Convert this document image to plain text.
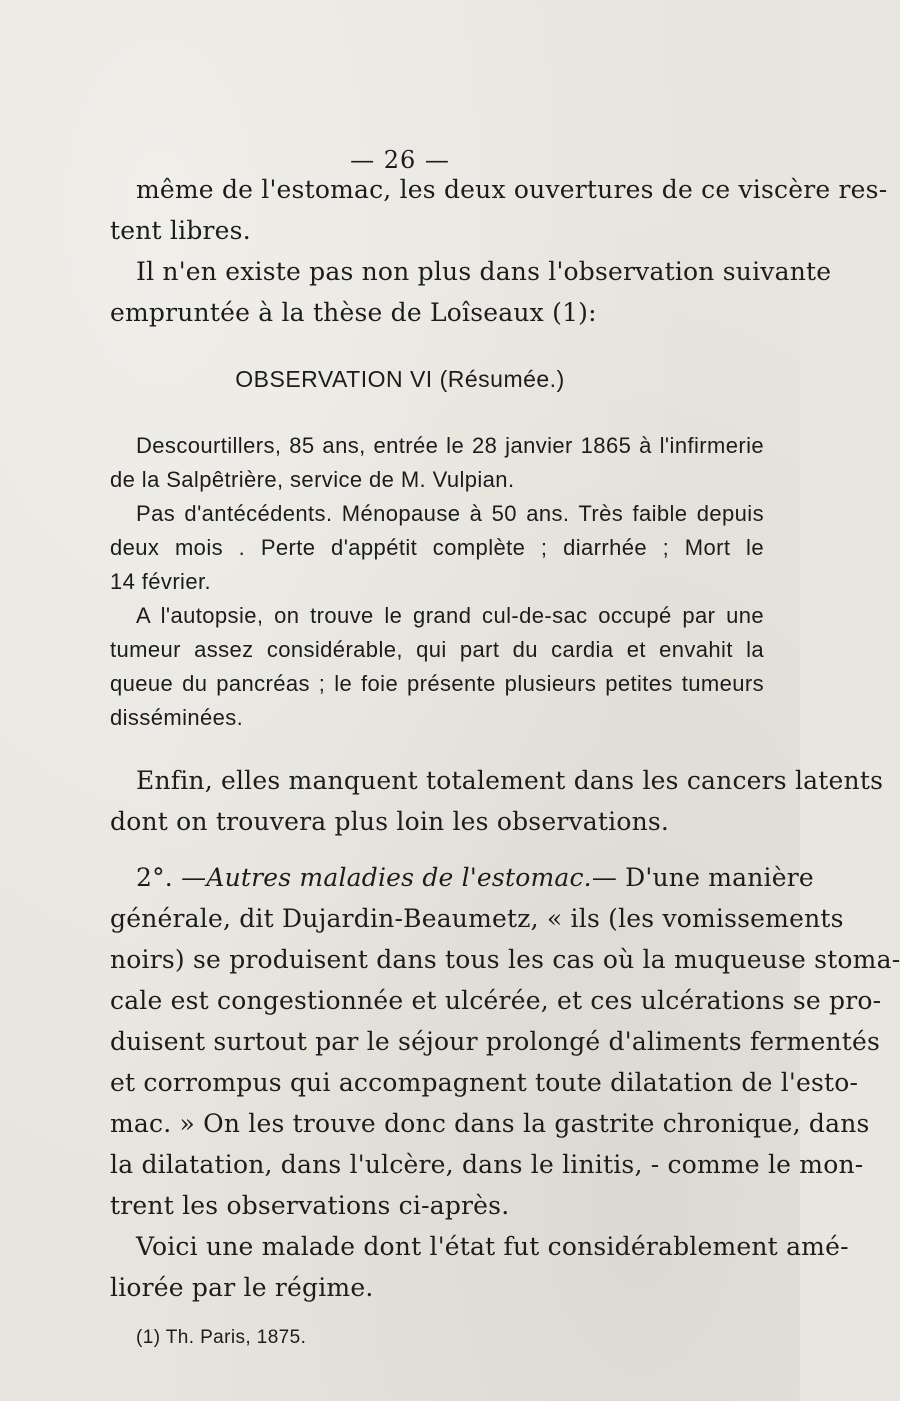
— 26 —

même de l'estomac, les deux ouvertures de ce viscère res-

tent libres.

Il n'en existe pas non plus dans l'observation suivante

empruntée à la thèse de Loîseaux (1):

OBSERVATION VI (Résumée.)

Descourtillers, 85 ans, entrée le 28 janvier 1865 à l'infirmerie

de la Salpêtrière, service de M. Vulpian.

Pas d'antécédents. Ménopause à 50 ans. Très faible depuis

deux mois . Perte d'appétit complète ; diarrhée ; Mort le

14 février.

A l'autopsie, on trouve le grand cul-de-sac occupé par une

tumeur assez considérable, qui part du cardia et envahit la

queue du pancréas ; le foie présente plusieurs petites tumeurs

disséminées.

Enfin, elles manquent totalement dans les cancers latents

dont on trouvera plus loin les observations.

2°. — Autres maladies de l'estomac. — D'une manière

générale, dit Dujardin-Beaumetz, « ils (les vomissements

noirs) se produisent dans tous les cas où la muqueuse stoma-

cale est congestionnée et ulcérée, et ces ulcérations se pro-

duisent surtout par le séjour prolongé d'aliments fermentés

et corrompus qui accompagnent toute dilatation de l'esto-

mac. » On les trouve donc dans la gastrite chronique, dans

la dilatation, dans l'ulcère, dans le linitis, - comme le mon-

trent les observations ci-après.

Voici une malade dont l'état fut considérablement amé-

liorée par le régime.

(1) Th. Paris, 1875.
